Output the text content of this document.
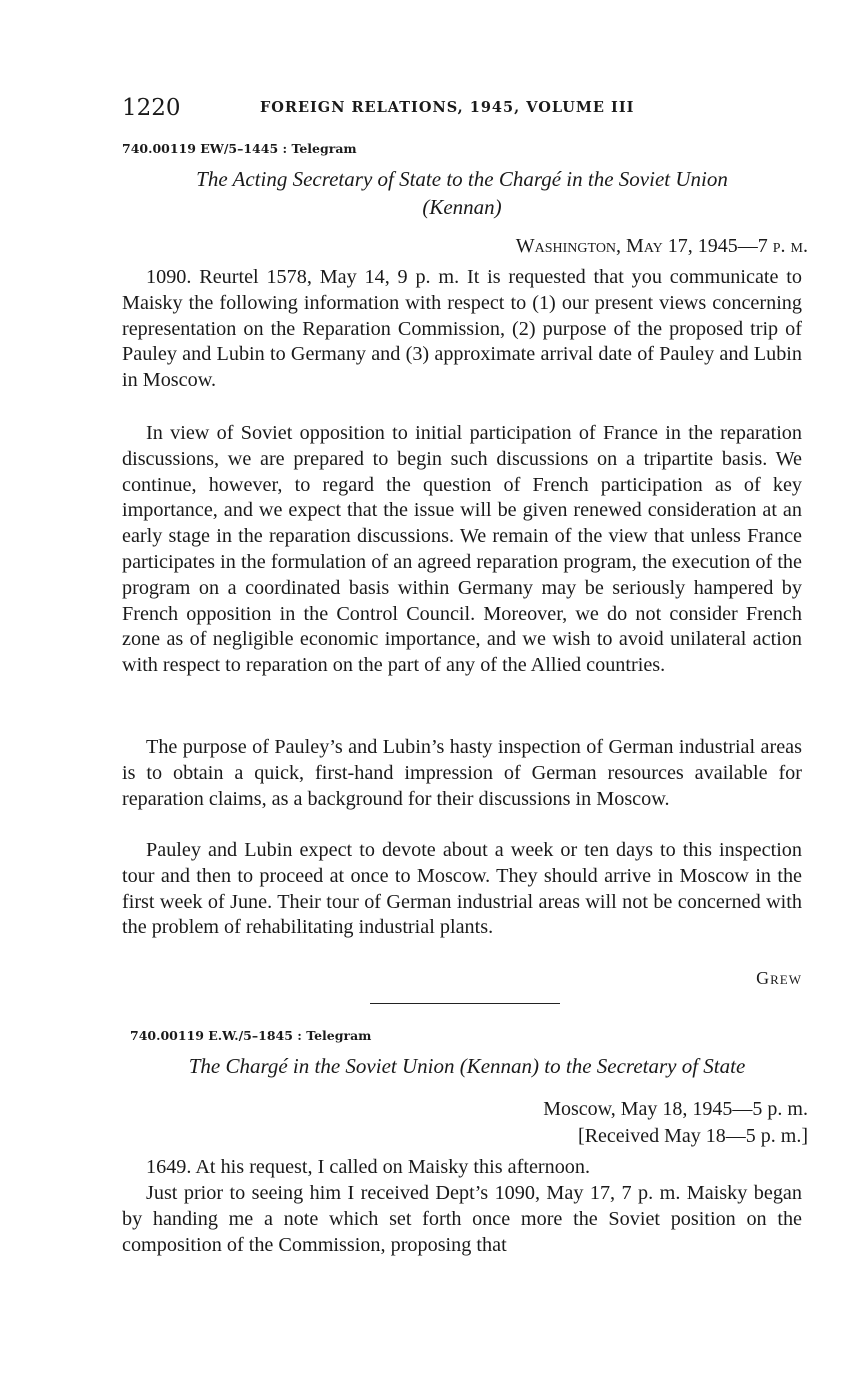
1220	FOREIGN RELATIONS, 1945, VOLUME III
740.00119 EW/5–1445 : Telegram
The Acting Secretary of State to the Chargé in the Soviet Union
(Kennan)
Washington, May 17, 1945—7 p. m.

1090. Reurtel 1578, May 14, 9 p. m. It is requested that you communicate to Maisky the following information with respect to (1) our present views concerning representation on the Reparation Commission, (2) purpose of the proposed trip of Pauley and Lubin to Germany and (3) approximate arrival date of Pauley and Lubin in Moscow.

In view of Soviet opposition to initial participation of France in the reparation discussions, we are prepared to begin such discussions on a tripartite basis. We continue, however, to regard the question of French participation as of key importance, and we expect that the issue will be given renewed consideration at an early stage in the reparation discussions. We remain of the view that unless France participates in the formulation of an agreed reparation program, the execution of the program on a coordinated basis within Germany may be seriously hampered by French opposition in the Control Council. Moreover, we do not consider French zone as of negligible economic importance, and we wish to avoid unilateral action with respect to reparation on the part of any of the Allied countries.

The purpose of Pauley’s and Lubin’s hasty inspection of German industrial areas is to obtain a quick, first-hand impression of German resources available for reparation claims, as a background for their discussions in Moscow.

Pauley and Lubin expect to devote about a week or ten days to this inspection tour and then to proceed at once to Moscow. They should arrive in Moscow in the first week of June. Their tour of German industrial areas will not be concerned with the problem of rehabilitating industrial plants.

Grew
740.00119 E.W./5–1845 : Telegram
The Chargé in the Soviet Union (Kennan) to the Secretary of State
Moscow, May 18, 1945—5 p. m.
[Received May 18—5 p. m.]

1649. At his request, I called on Maisky this afternoon.

Just prior to seeing him I received Dept’s 1090, May 17, 7 p. m. Maisky began by handing me a note which set forth once more the Soviet position on the composition of the Commission, proposing that
